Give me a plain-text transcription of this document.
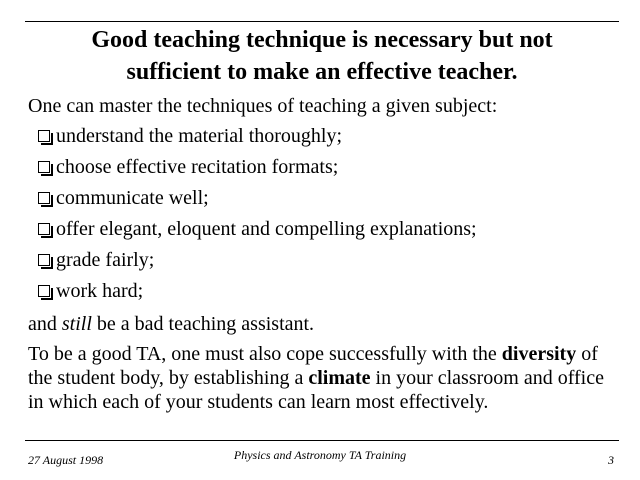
Good teaching technique is necessary but not
sufficient to make an effective teacher.

One can master the techniques of teaching a given subject:

understand the material thoroughly;
choose effective recitation formats;
communicate well;
offer elegant, eloquent and compelling explanations;
grade fairly;
work hard;

and still be a bad teaching assistant.

To be a good TA, one must also cope successfully with the diversity of the student body, by establishing a climate in your classroom and office in which each of your students can learn most effectively.

27 August 1998	Physics and Astronomy TA Training	3
